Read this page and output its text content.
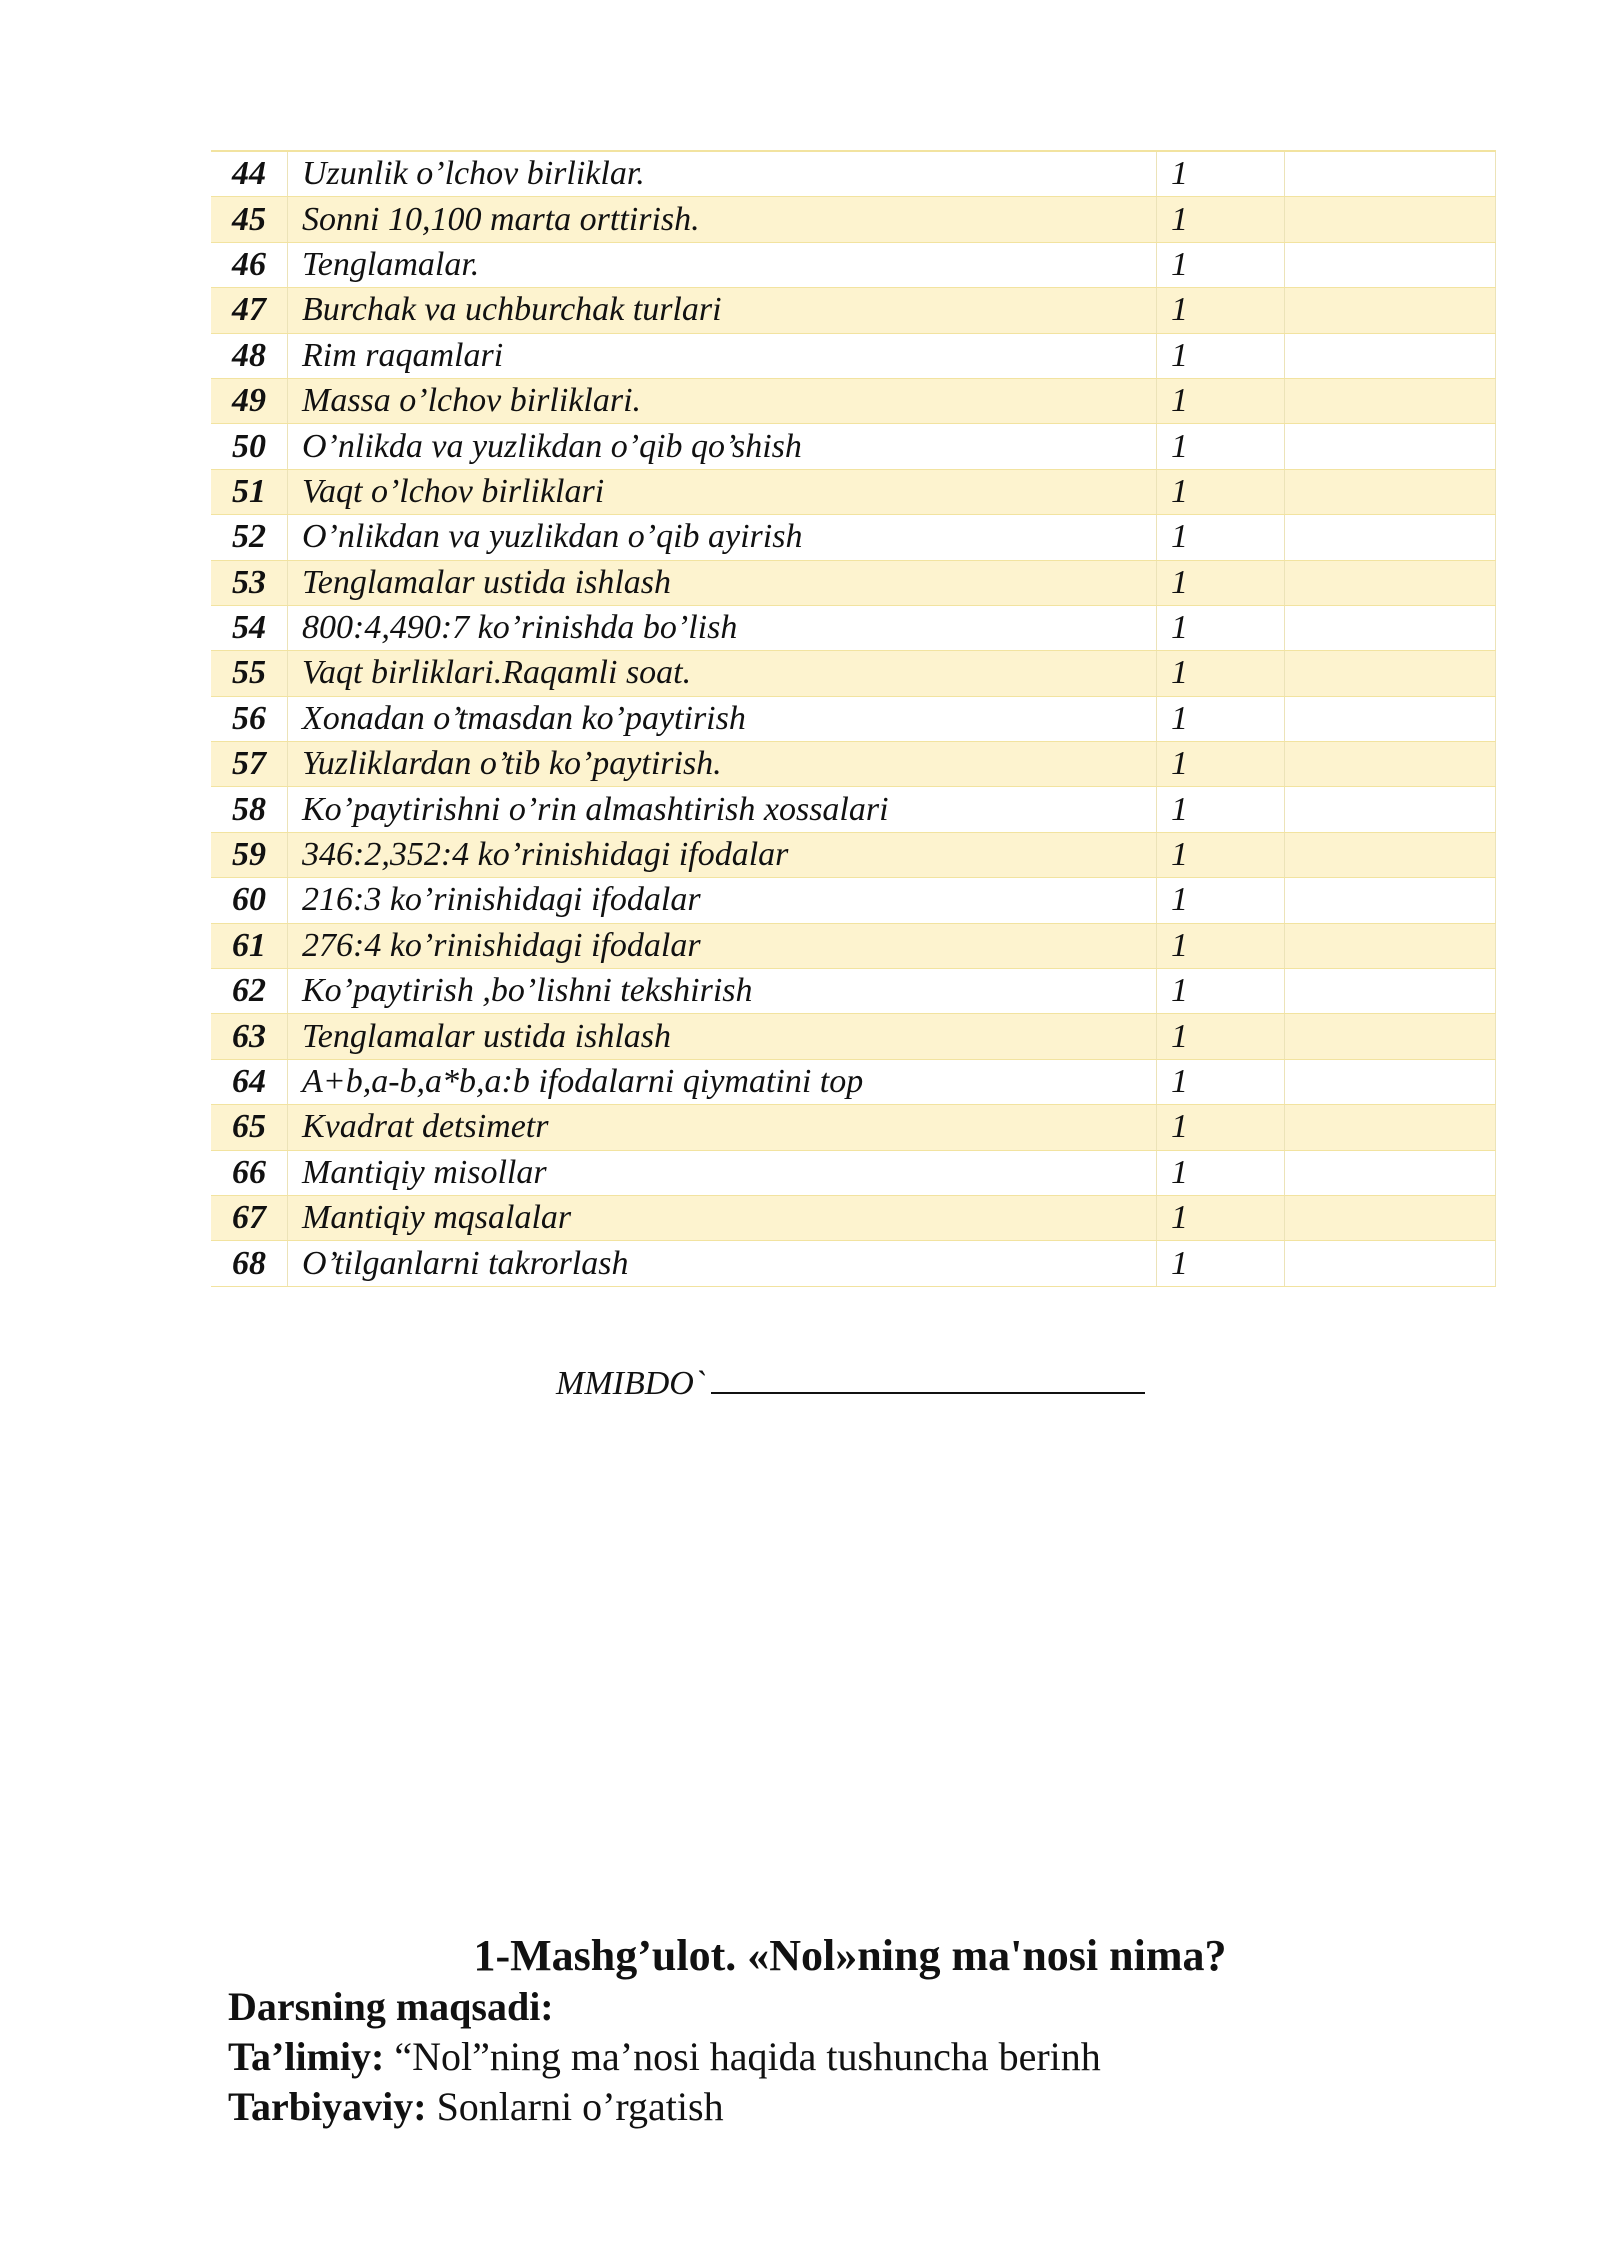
44	Uzunlik o’lchov birliklar.	1	
45	Sonni 10,100 marta orttirish.	1	
46	Tenglamalar.	1	
47	Burchak va uchburchak turlari	1	
48	Rim raqamlari	1	
49	Massa o’lchov birliklari.	1	
50	O’nlikda va yuzlikdan o’qib qo’shish	1	
51	Vaqt o’lchov birliklari	1	
52	O’nlikdan va yuzlikdan o’qib ayirish	1	
53	Tenglamalar ustida ishlash	1	
54	800:4,490:7 ko’rinishda bo’lish	1	
55	Vaqt birliklari.Raqamli soat.	1	
56	Xonadan o’tmasdan ko’paytirish	1	
57	Yuzliklardan o’tib ko’paytirish.	1	
58	Ko’paytirishni o’rin almashtirish xossalari	1	
59	346:2,352:4 ko’rinishidagi ifodalar	1	
60	216:3 ko’rinishidagi ifodalar	1	
61	276:4 ko’rinishidagi ifodalar	1	
62	Ko’paytirish ,bo’lishni tekshirish	1	
63	Tenglamalar ustida ishlash	1	
64	A+b,a-b,a*b,a:b ifodalarni qiymatini top	1	
65	Kvadrat detsimetr	1	
66	Mantiqiy misollar	1	
67	Mantiqiy mqsalalar	1	
68	O’tilganlarni takrorlash	1	
MMIBDO`
1-Mashg’ulot. «Nol»ning ma'nosi nima?
Darsning maqsadi:
Ta’limiy: “Nol”ning ma’nosi haqida tushuncha berinh
Tarbiyaviy: Sonlarni o’rgatish
